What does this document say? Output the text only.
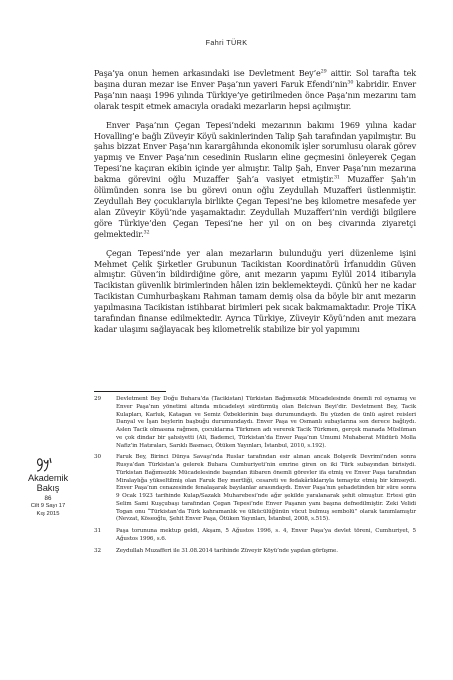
Fahri TÜRK

Paşa’ya onun hemen arkasındaki ise Devletment $Bey’e^{29}$ aittir. Sol tarafta tek başına duran mezar ise Enver Paşa’nın yaveri Faruk Efendi’nin$^{30}$ kabridir. Enver Paşa’nın naaşı 1996 yılında Türkiye’ye getirilmeden önce Paşa’nın mezarını tam olarak tespit etmek amacıyla oradaki mezarların hepsi açılmıştır.

Enver Paşa’nın Çegan Tepesi’ndeki mezarının bakımı 1969 yılına kadar Hovalling’e bağlı Züveyir Köyü sakinlerinden Talip Şah tarafından yapılmıştır. Bu şahıs bizzat Enver Paşa’nın karargâhında ekonomik işler sorumlusu olarak görev yapmış ve Enver Paşa’nın cesedinin Rusların eline geçmesini önleyerek Çegan Tepesi’ne kaçıran ekibin içinde yer almıştır. Talip Şah, Enver Paşa’nın mezarına bakma görevini oğlu Muzaffer Şah’a vasiyet etmiştir.$^{31}$ Muzaffer Şah’ın ölümünden sonra ise bu görevi onun oğlu Zeydullah Muzafferi üstlenmiştir. Zeydullah Bey çocuklarıyla birlikte Çegan Tepesi’ne beş kilometre mesafede yer alan Züveyir Köyü’nde yaşamaktadır. Zeydullah Muzafferi’nin verdiği bilgilere göre Türkiye’den Çegan Tepesi’ne her yıl on on beş civarında ziyaretçi gelmektedir.$^{32}$

Çegan Tepesi’nde yer alan mezarların bulunduğu yeri düzenleme işini Mehmet Çelik Şirketler Grubunun Tacikistan Koordinatörü İrfanuddin Güven almıştır. Güven’in bildirdiğine göre, anıt mezarın yapımı Eylül 2014 itibarıyla Tacikistan güvenlik birimlerinden hâlen izin beklemekteydi. Çünkü her ne kadar Tacikistan Cumhurbaşkanı Rahman tamam demiş olsa da böyle bir anıt mezarın yapılmasına Tacikistan istihbarat birimleri pek sıcak bakmamaktadır. Proje TİKA tarafından finanse edilmektedir. Ayrıca Türkiye, Züveyir Köyü’nden anıt mezara kadar ulaşımı sağlayacak beş kilometrelik stabilize bir yol yapımını

29	Devletment Bey Doğu Buhara’da (Tacikistan) Türkistan Bağımsızlık Mücadelesinde önemli rol oynamış ve Enver Paşa’nın yönetimi altında mücadeleyi sürdürmüş olan Belcivan Beyi’dir. Devletment Bey, Tacik Kulapları, Karluk, Katagan ve Semiz Özbeklerinin başı durumundaydı. Bu yüzden de ünlü aşiret reisleri Danyal ve İşan beylerin başbuğu durumundaydı. Enver Paşa ve Osmanlı subaylarına son derece bağlıydı. Aslen Tacik olmasına rağmen, çocuklarına Türkmen adı vererek Tacik Türkmen, gerçek manada Müslüman ve çok dindar bir şahsiyetti (Ali, Bademci, Türkistan’da Enver Paşa’nın Umumi Muhaberat Müdürü Molla Nafiz’in Hatıraları, Sarıklı Basmacı, Ötüken Yayınları, İstanbul, 2010, s.192).
30	Faruk Bey, Birinci Dünya Savaşı’nda Ruslar tarafından esir alınan ancak Bolşevik Devrimi’nden sonra Rusya’dan Türkistan’a gelerek Buhara Cumhuriyeti’nin emrine giren on iki Türk subayından birisiydi. Türkistan Bağımsızlık Mücadelesinde başından itibaren önemli görevler ifa etmiş ve Enver Paşa tarafından Miralaylığa yükseltilmiş olan Faruk Bey mertliği, cesareti ve fedakârlıklarıyla temayüz etmiş bir kimseydi. Enver Paşa’nın cenazesinde fenalaşarak bayılanlar arasındaydı. Enver Paşa’nın şehadetinden bir süre sonra 9 Ocak 1923 tarihinde Kulap/Sazaklı Muharebesi’nde ağır şekilde yaralanarak şehit olmuştur. Ertesi gün Selim Sami Kuşçubaşı tarafından Çegan Tepesi’nde Enver Paşanın yanı başına defnedilmiştir. Zeki Velidi Togan onu “Türkistan’da Türk kahramanlık ve ülkücülüğünün vücut bulmuş sembolü” olarak tanımlamıştır (Nevzat, Köseoğlu, Şehit Enver Paşa, Ötüken Yayınları, İstanbul, 2008, s.515).
31	Paşa torununa mektup geldi, Akşam, 5 Ağustos 1996, s. 4, Enver Paşa’ya devlet töreni, Cumhuriyet, 5 Ağustos 1996, s.6.
32	Zeydullah Muzafferi ile 31.08.2014 tarihinde Züveyir Köyü’nde yapılan görüşme.
Akademik
Bakış
86
Cilt 9 Sayı 17
Kış 2015
